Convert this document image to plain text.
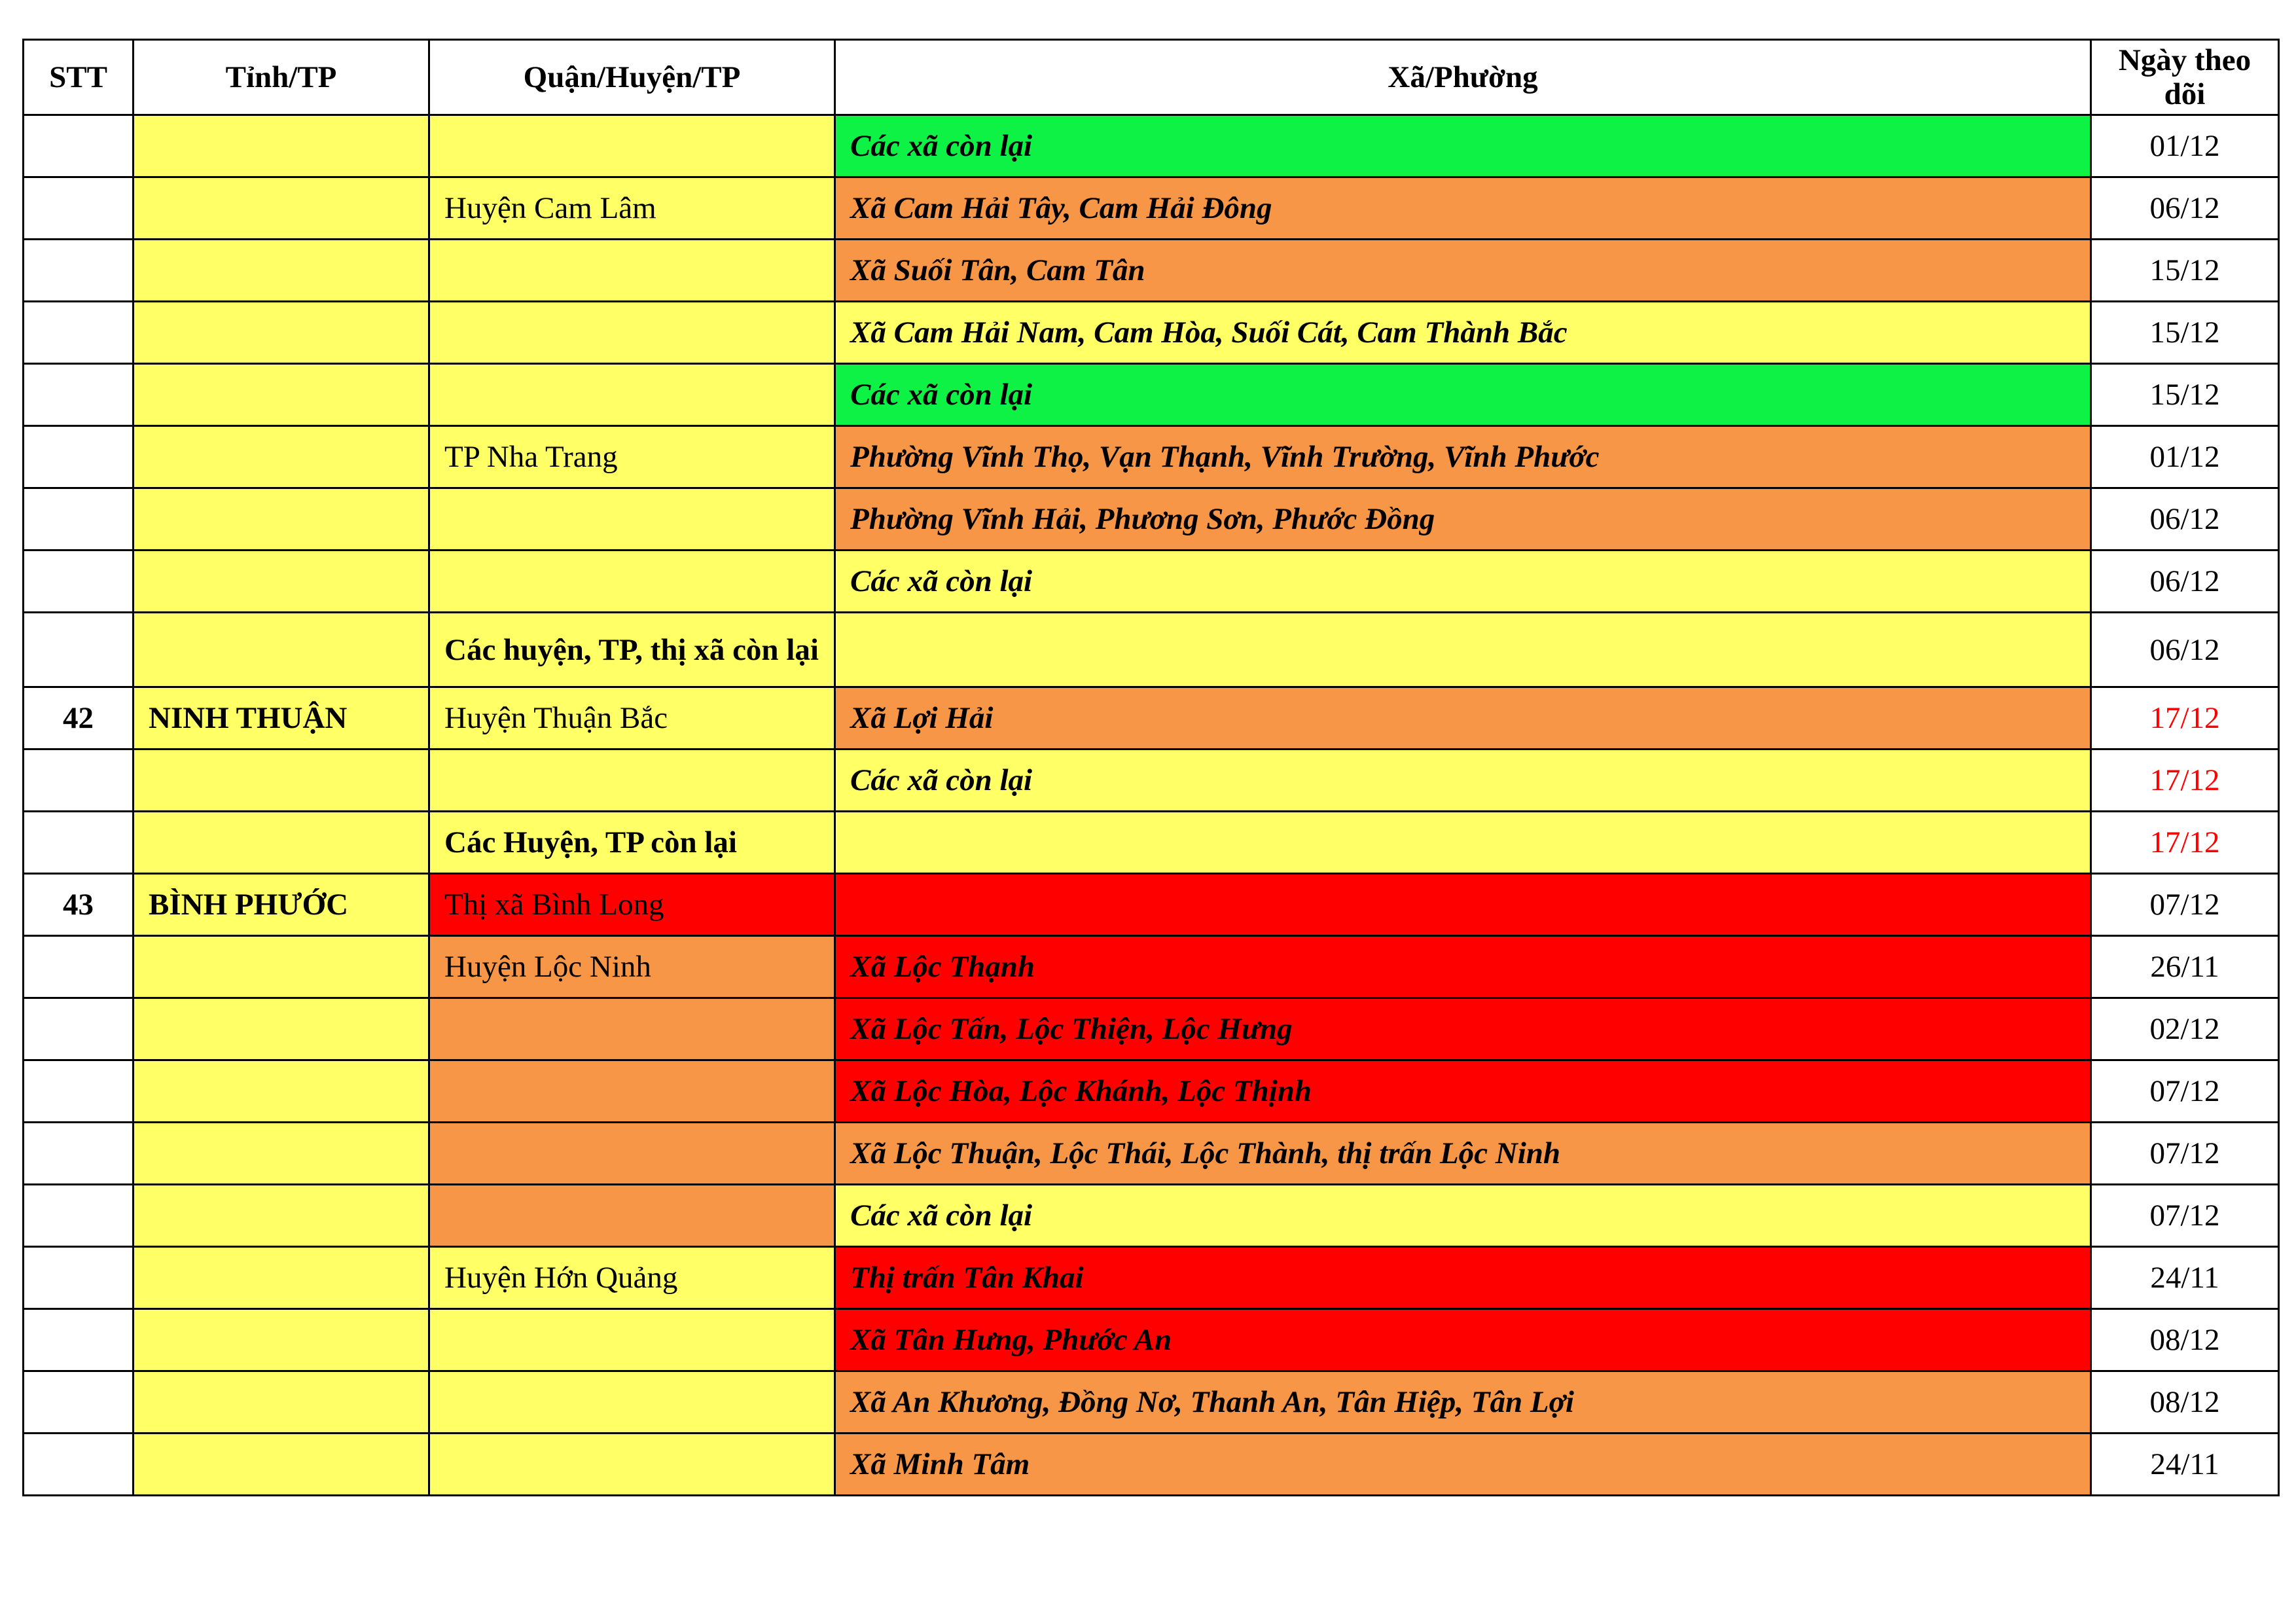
STT	Tỉnh/TP	Quận/Huyện/TP	Xã/Phường	Ngày theo dõi
			Các xã còn lại	01/12
		Huyện Cam Lâm	Xã Cam Hải Tây, Cam Hải Đông	06/12
			Xã Suối Tân, Cam Tân	15/12
			Xã Cam Hải Nam, Cam Hòa, Suối Cát, Cam Thành Bắc	15/12
			Các xã còn lại	15/12
		TP Nha Trang	Phường Vĩnh Thọ, Vạn Thạnh, Vĩnh Trường, Vĩnh Phước	01/12
			Phường Vĩnh Hải, Phương Sơn, Phước Đồng	06/12
			Các xã còn lại	06/12
		Các huyện, TP, thị xã còn lại		06/12
42	NINH THUẬN	Huyện Thuận Bắc	Xã Lợi Hải	17/12
			Các xã còn lại	17/12
		Các Huyện, TP còn lại		17/12
43	BÌNH PHƯỚC	Thị xã Bình Long		07/12
		Huyện Lộc Ninh	Xã Lộc Thạnh	26/11
			Xã Lộc Tấn, Lộc Thiện, Lộc Hưng	02/12
			Xã Lộc Hòa, Lộc Khánh, Lộc Thịnh	07/12
			Xã Lộc Thuận, Lộc Thái, Lộc Thành, thị trấn Lộc Ninh	07/12
			Các xã còn lại	07/12
		Huyện Hớn Quảng	Thị trấn Tân Khai	24/11
			Xã Tân Hưng, Phước An	08/12
			Xã An Khương, Đồng Nơ, Thanh An, Tân Hiệp, Tân Lợi	08/12
			Xã Minh Tâm	24/11
